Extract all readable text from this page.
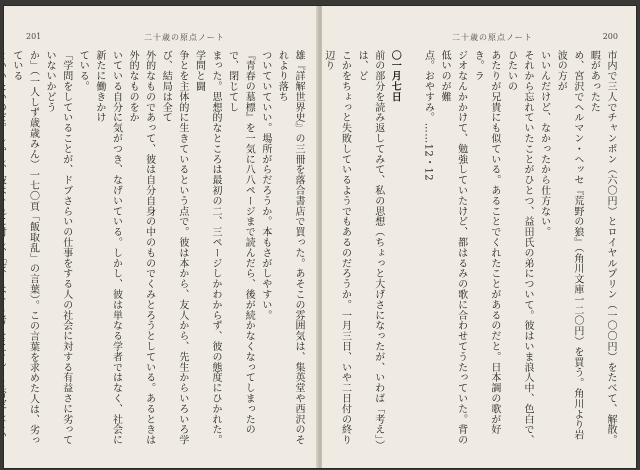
二十歳の原点ノート
201

雄『詳解世界史』の三冊を落合書店で買った。あそこの雰囲気は、集英堂や西沢のそれより落ち

ついていていい。場所がらだろうか。本もさがしやすい。

『青春の墓標』を一気に八八ページまで読んだら、後が続かなくなってしまったので、閉じてし

まった。思想的なところは最初の二、三ページしかわからず、彼の態度にひかれた。学問と闘

争とを主体的に生きているという点で。彼は本から、友人から、先生からいろいろ学び、結局は全て

外的なものであって、彼は自分自身の中のものでくみとろうとしている。あるときは外的なものをか

いている自分に気がつき、なげいている。しかし、彼は単なる学者ではなく、社会に新たに働きかけ

ている。

「学問をしていることが、ドブさらいの仕事をする人の社会に対する有益さに劣っていないかどう

か」（一人しず歳歳みん）一七〇頁「飯取乱」の言葉）。この言葉を求めた人は、劣っている

二十歳の原点ノート	200

市内で三人でチャンポン（六〇円）とロイヤルプリン（一〇〇円）をたべて、解散。暇があったた

め、宮沢でヘルマン・ヘッセ『荒野の狼』（角川文庫一二〇円）を買う。角川より岩波の方が

いいんだけど、なかったから仕方ない。

それから忘れていたことがひとつ、益田氏の弟について。彼はいま浪人中、色白で、ひたいの

あたりが兄貴にも似ている。あることでくれたことがあるのだと。日本調の歌が好き。ラ

ジオなんかかけて、勉強していたけど、都はるみの歌に合わせてうたっていた。背の低いのが難

点。おやすみ。……12・12

〇一月七日

前の部分を読み返してみて、私の思想（ちょっと大げさになったが、いわば「考え」）は、ど

こかをちょっと失敗しているようでもあるのだろうか。一月三日、いや二日付の終り辺り
